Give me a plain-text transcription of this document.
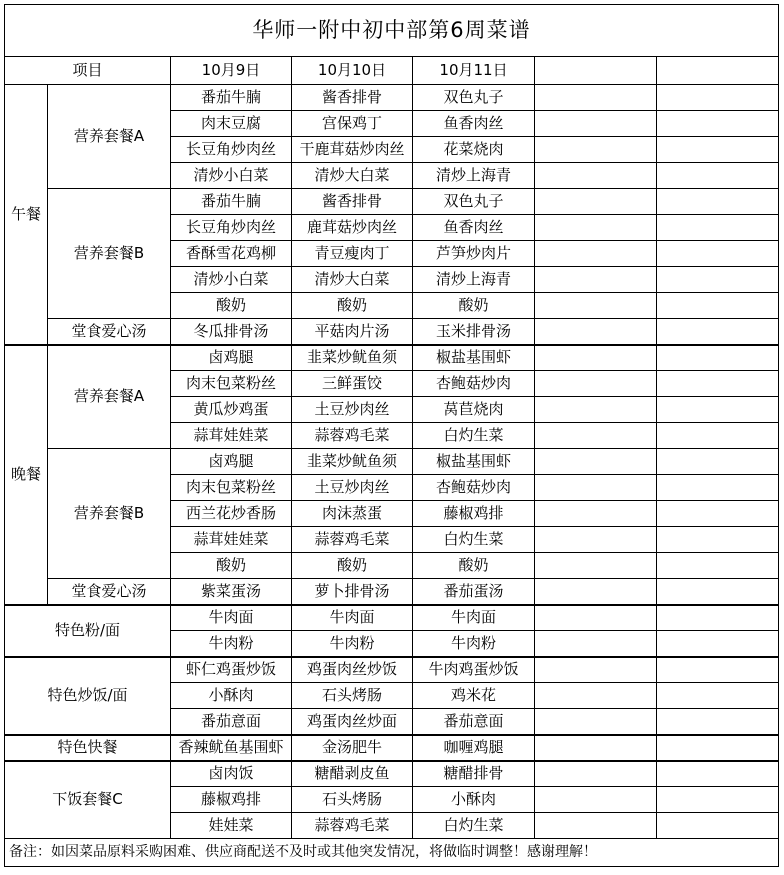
华师一附中初中部第6周菜谱						
项目		10月9日	10月10日	10月11日		
午餐	营养套餐A	番茄牛腩	酱香排骨	双色丸子		
		肉末豆腐	宫保鸡丁	鱼香肉丝		
		长豆角炒肉丝	干鹿茸菇炒肉丝	花菜烧肉		
		清炒小白菜	清炒大白菜	清炒上海青		
	营养套餐B	番茄牛腩	酱香排骨	双色丸子		
		长豆角炒肉丝	鹿茸菇炒肉丝	鱼香肉丝		
		香酥雪花鸡柳	青豆瘦肉丁	芦笋炒肉片		
		清炒小白菜	清炒大白菜	清炒上海青		
		酸奶	酸奶	酸奶		
	堂食爱心汤	冬瓜排骨汤	平菇肉片汤	玉米排骨汤		
晚餐	营养套餐A	卤鸡腿	韭菜炒鱿鱼须	椒盐基围虾		
		肉末包菜粉丝	三鲜蛋饺	杏鲍菇炒肉		
		黄瓜炒鸡蛋	土豆炒肉丝	莴苣烧肉		
		蒜茸娃娃菜	蒜蓉鸡毛菜	白灼生菜		
	营养套餐B	卤鸡腿	韭菜炒鱿鱼须	椒盐基围虾		
		肉末包菜粉丝	土豆炒肉丝	杏鲍菇炒肉		
		西兰花炒香肠	肉沫蒸蛋	藤椒鸡排		
		蒜茸娃娃菜	蒜蓉鸡毛菜	白灼生菜		
		酸奶	酸奶	酸奶		
	堂食爱心汤	紫菜蛋汤	萝卜排骨汤	番茄蛋汤		
特色粉/面		牛肉面	牛肉面	牛肉面		
		牛肉粉	牛肉粉	牛肉粉		
特色炒饭/面		虾仁鸡蛋炒饭	鸡蛋肉丝炒饭	牛肉鸡蛋炒饭		
		小酥肉	石头烤肠	鸡米花		
		番茄意面	鸡蛋肉丝炒面	番茄意面		
特色快餐		香辣鱿鱼基围虾	金汤肥牛	咖喱鸡腿		
下饭套餐C		卤肉饭	糖醋剥皮鱼	糖醋排骨		
		藤椒鸡排	石头烤肠	小酥肉		
		娃娃菜	蒜蓉鸡毛菜	白灼生菜		
备注：如因菜品原料采购困难、供应商配送不及时或其他突发情况，将做临时调整！感谢理解！						
